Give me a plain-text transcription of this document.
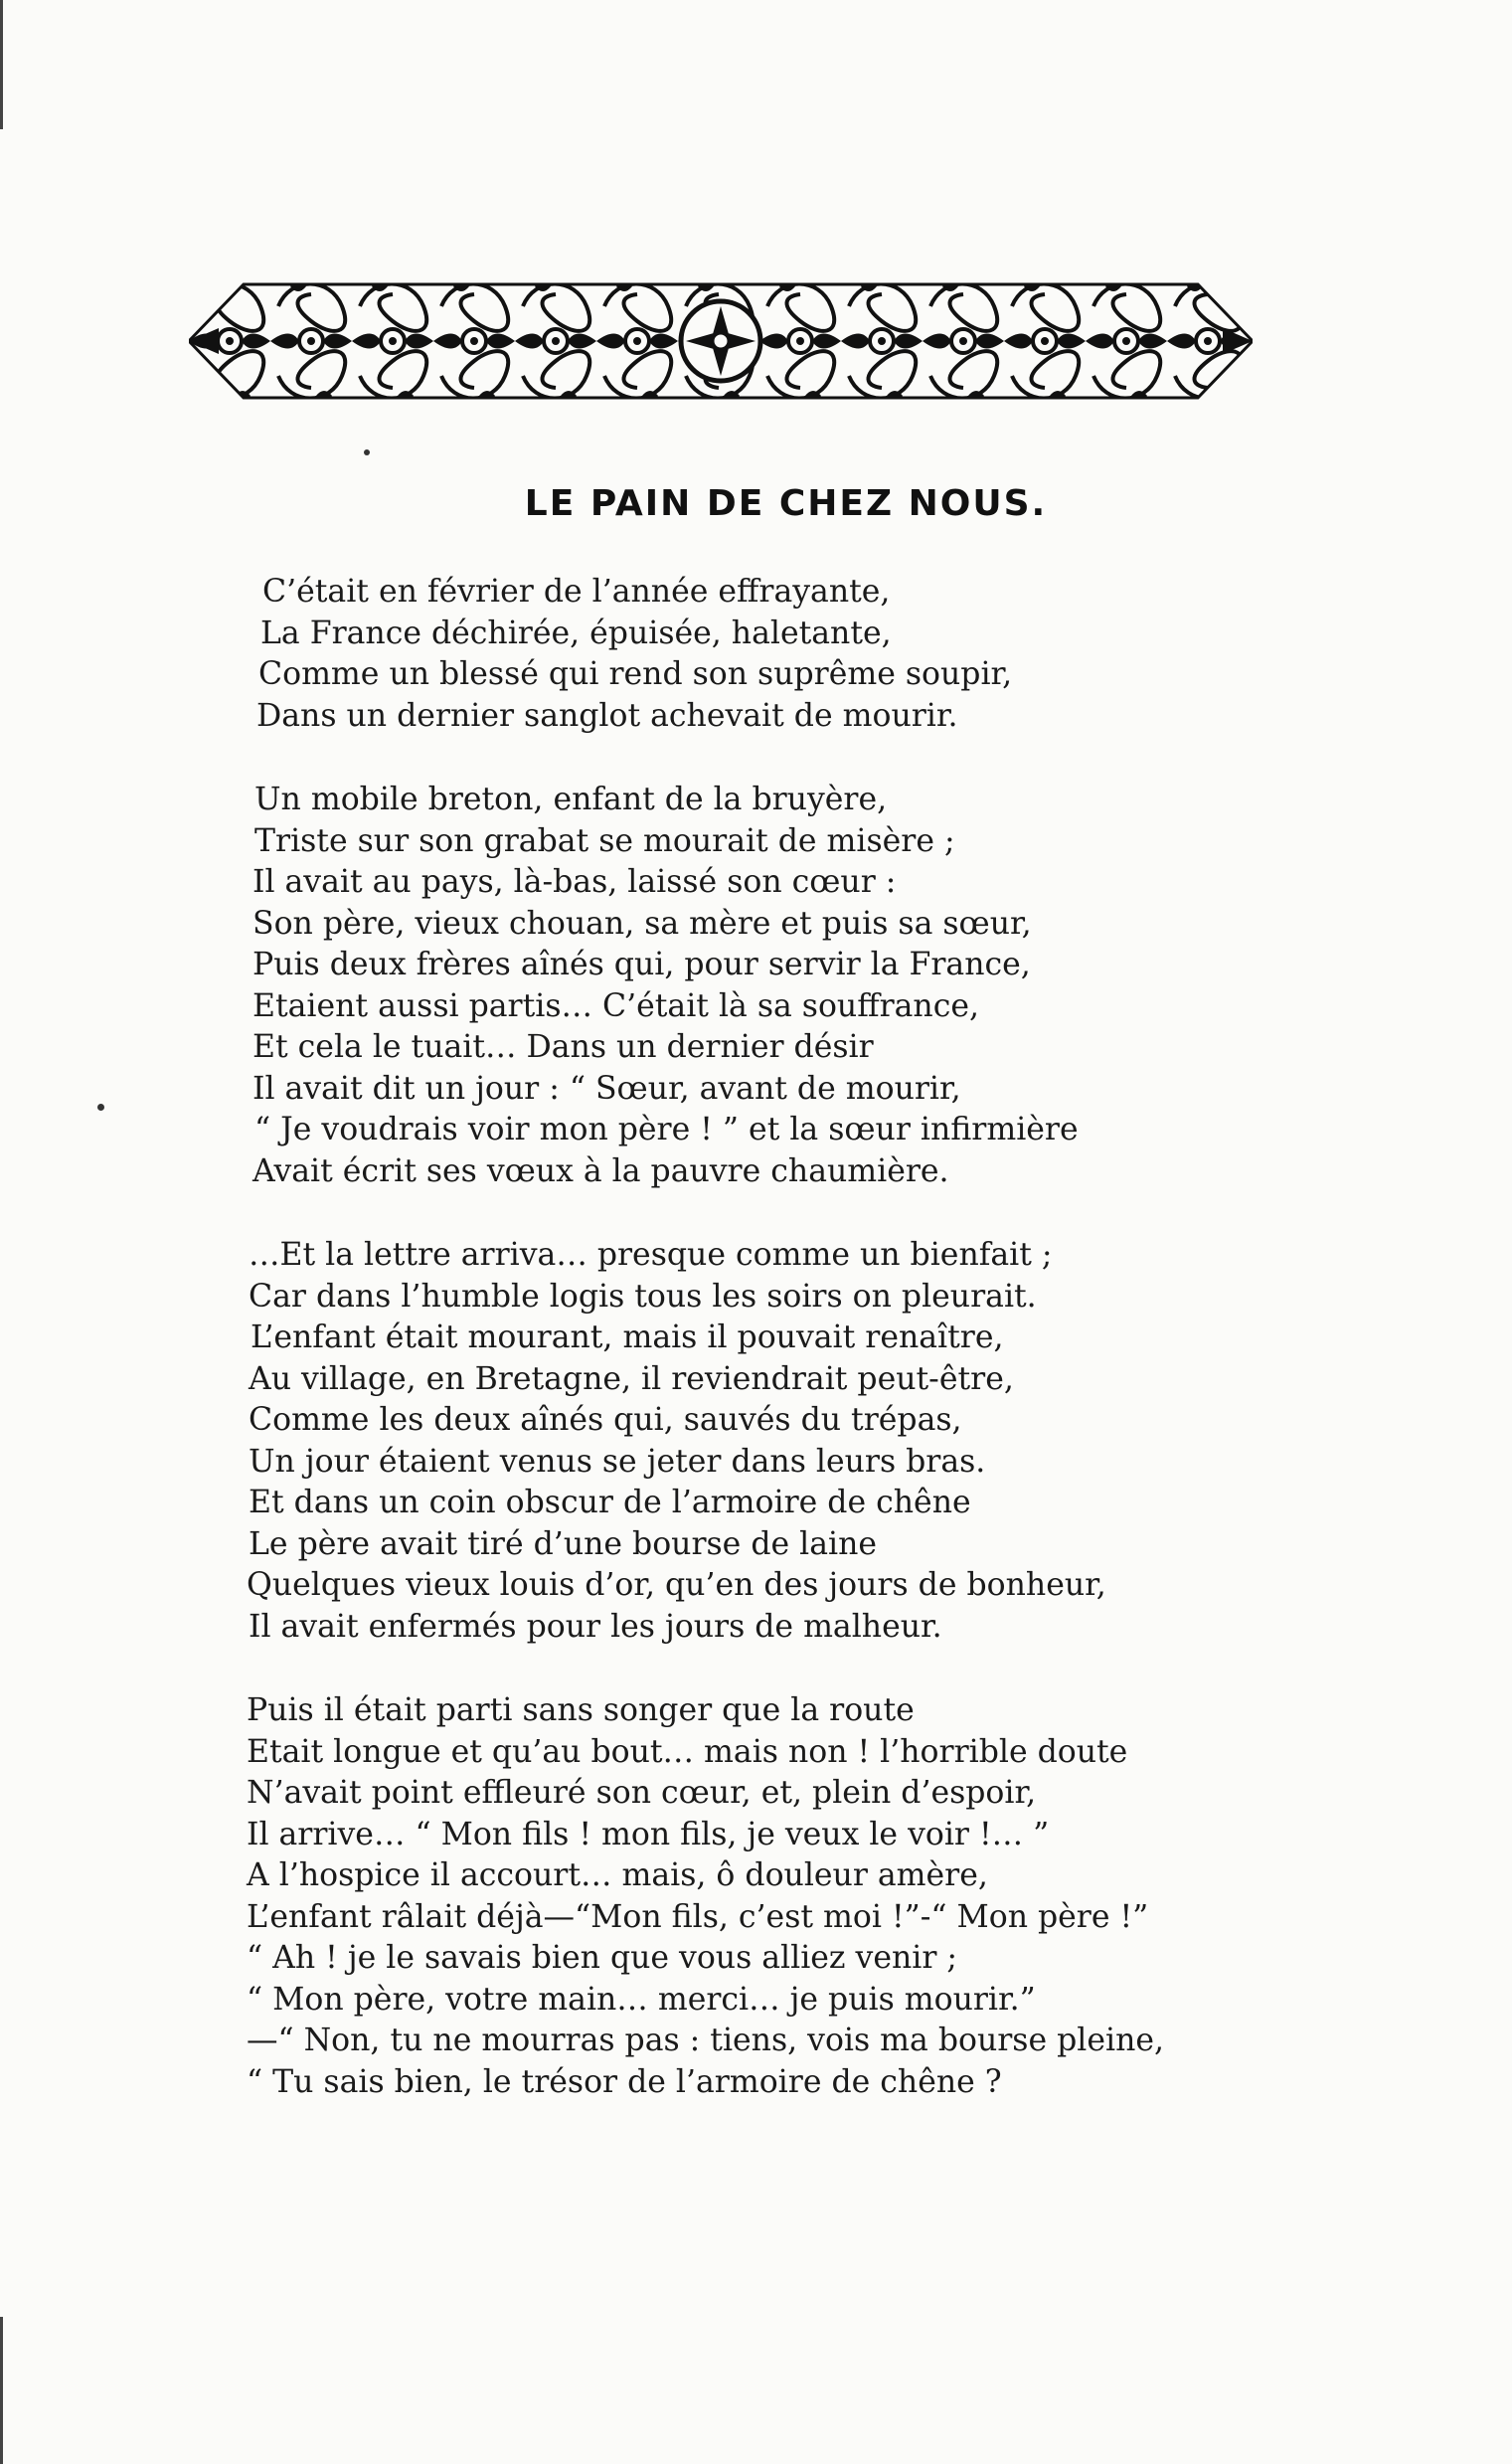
LE PAIN DE CHEZ NOUS.
C’était en février de l’année effrayante,
La France déchirée, épuisée, haletante,
Comme un blessé qui rend son suprême soupir,
Dans un dernier sanglot achevait de mourir.
Un mobile breton, enfant de la bruyère,
Triste sur son grabat se mourait de misère ;
Il avait au pays, là-bas, laissé son cœur :
Son père, vieux chouan, sa mère et puis sa sœur,
Puis deux frères aînés qui, pour servir la France,
Etaient aussi partis… C’était là sa souffrance,
Et cela le tuait… Dans un dernier désir
Il avait dit un jour : “ Sœur, avant de mourir,
“ Je voudrais voir mon père ! ” et la sœur infirmière
Avait écrit ses vœux à la pauvre chaumière.
…Et la lettre arriva… presque comme un bienfait ;
Car dans l’humble logis tous les soirs on pleurait.
L’enfant était mourant, mais il pouvait renaître,
Au village, en Bretagne, il reviendrait peut-être,
Comme les deux aînés qui, sauvés du trépas,
Un jour étaient venus se jeter dans leurs bras.
Et dans un coin obscur de l’armoire de chêne
Le père avait tiré d’une bourse de laine
Quelques vieux louis d’or, qu’en des jours de bonheur,
Il avait enfermés pour les jours de malheur.
Puis il était parti sans songer que la route
Etait longue et qu’au bout… mais non ! l’horrible doute
N’avait point effleuré son cœur, et, plein d’espoir,
Il arrive… “ Mon fils ! mon fils, je veux le voir !… ”
A l’hospice il accourt… mais, ô douleur amère,
L’enfant râlait déjà—“Mon fils, c’est moi !”-“ Mon père !”
“ Ah ! je le savais bien que vous alliez venir ;
“ Mon père, votre main… merci… je puis mourir.”
—“ Non, tu ne mourras pas : tiens, vois ma bourse pleine,
“ Tu sais bien, le trésor de l’armoire de chêne ?
